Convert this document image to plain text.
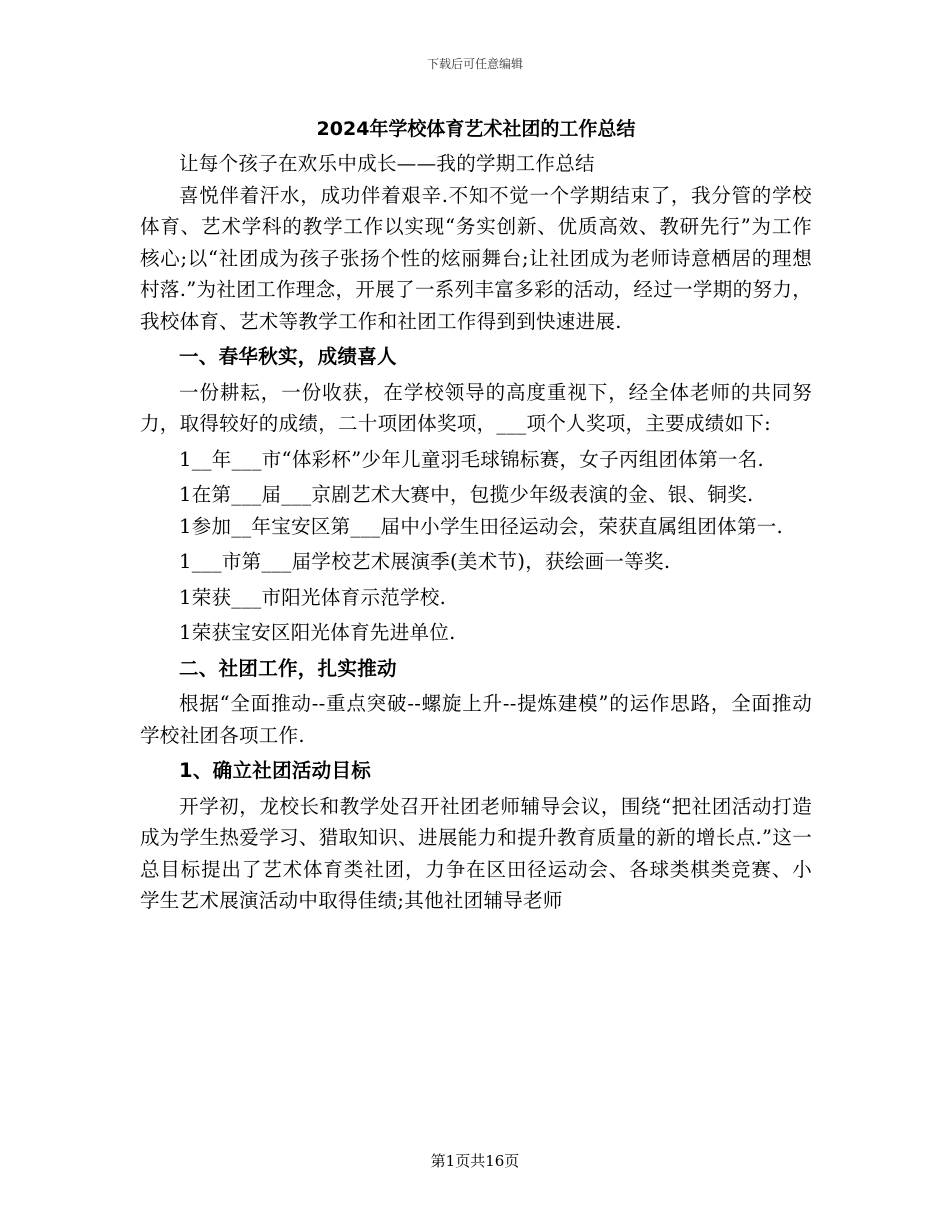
下载后可任意编辑
2024年学校体育艺术社团的工作总结

让每个孩子在欢乐中成长——我的学期工作总结

喜悦伴着汗水，成功伴着艰辛.不知不觉一个学期结束了，我分管的学校体育、艺术学科的教学工作以实现“务实创新、优质高效、教研先行”为工作核心;以“社团成为孩子张扬个性的炫丽舞台;让社团成为老师诗意栖居的理想村落.”为社团工作理念，开展了一系列丰富多彩的活动，经过一学期的努力，我校体育、艺术等教学工作和社团工作得到到快速进展.

一、春华秋实，成绩喜人

一份耕耘，一份收获，在学校领导的高度重视下，经全体老师的共同努力，取得较好的成绩，二十项团体奖项，___项个人奖项，主要成绩如下:

1__年___市“体彩杯”少年儿童羽毛球锦标赛，女子丙组团体第一名.

1在第___届___京剧艺术大赛中，包揽少年级表演的金、银、铜奖.

1参加__年宝安区第___届中小学生田径运动会，荣获直属组团体第一.

1___市第___届学校艺术展演季(美术节)，获绘画一等奖.

1荣获___市阳光体育示范学校.

1荣获宝安区阳光体育先进单位.

二、社团工作，扎实推动

根据“全面推动--重点突破--螺旋上升--提炼建模”的运作思路，全面推动学校社团各项工作.

1、确立社团活动目标

开学初，龙校长和教学处召开社团老师辅导会议，围绕“把社团活动打造成为学生热爱学习、猎取知识、进展能力和提升教育质量的新的增长点.”这一总目标提出了艺术体育类社团，力争在区田径运动会、各球类棋类竞赛、小学生艺术展演活动中取得佳绩;其他社团辅导老师

第1页共16页
